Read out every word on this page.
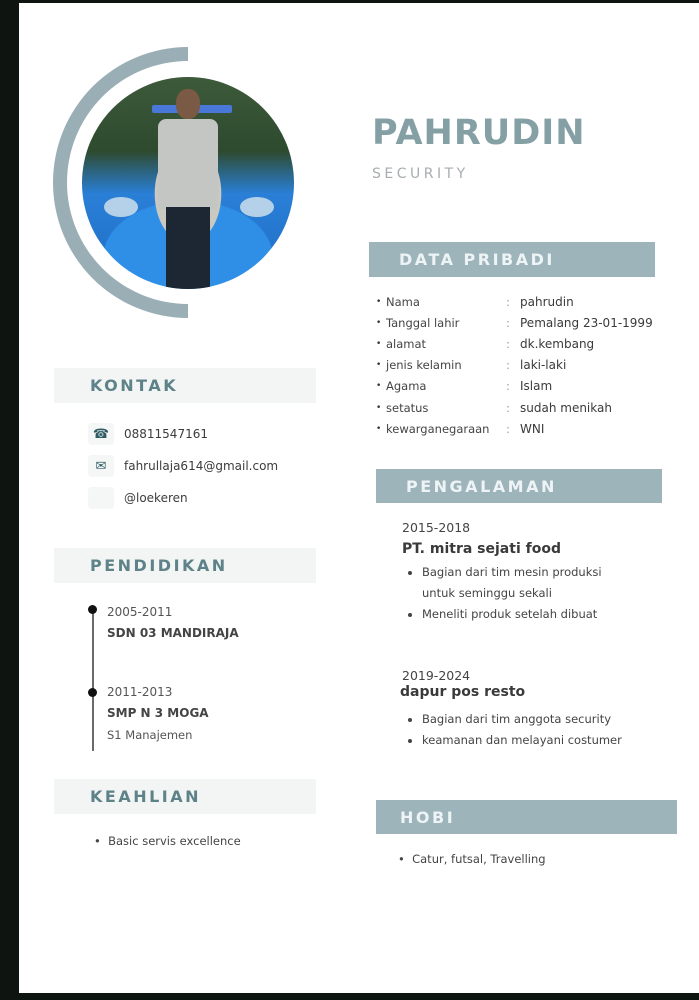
PAHRUDIN
SECURITY
DATA PRIBADI
• Nama	: pahrudin
• Tanggal lahir	: Pemalang 23-01-1999
• alamat	: dk.kembang
• jenis kelamin	: laki-laki
• Agama	: Islam
• setatus	: sudah menikah
• kewarganegaraan	: WNI
KONTAK
☎	08811547161
✉	fahrullaja614@gmail.com
@loekeren
PENDIDIKAN
2005-2011
SDN 03 MANDIRAJA
2011-2013
SMP N 3 MOGA
S1 Manajemen
KEAHLIAN
• Basic servis excellence
PENGALAMAN
2015-2018
PT. mitra sejati food
• Bagian dari tim mesin produksi untuk seminggu sekali
• Meneliti produk setelah dibuat
2019-2024
dapur pos resto
• Bagian dari tim anggota security
• keamanan dan melayani costumer
HOBI
• Catur, futsal, Travelling
